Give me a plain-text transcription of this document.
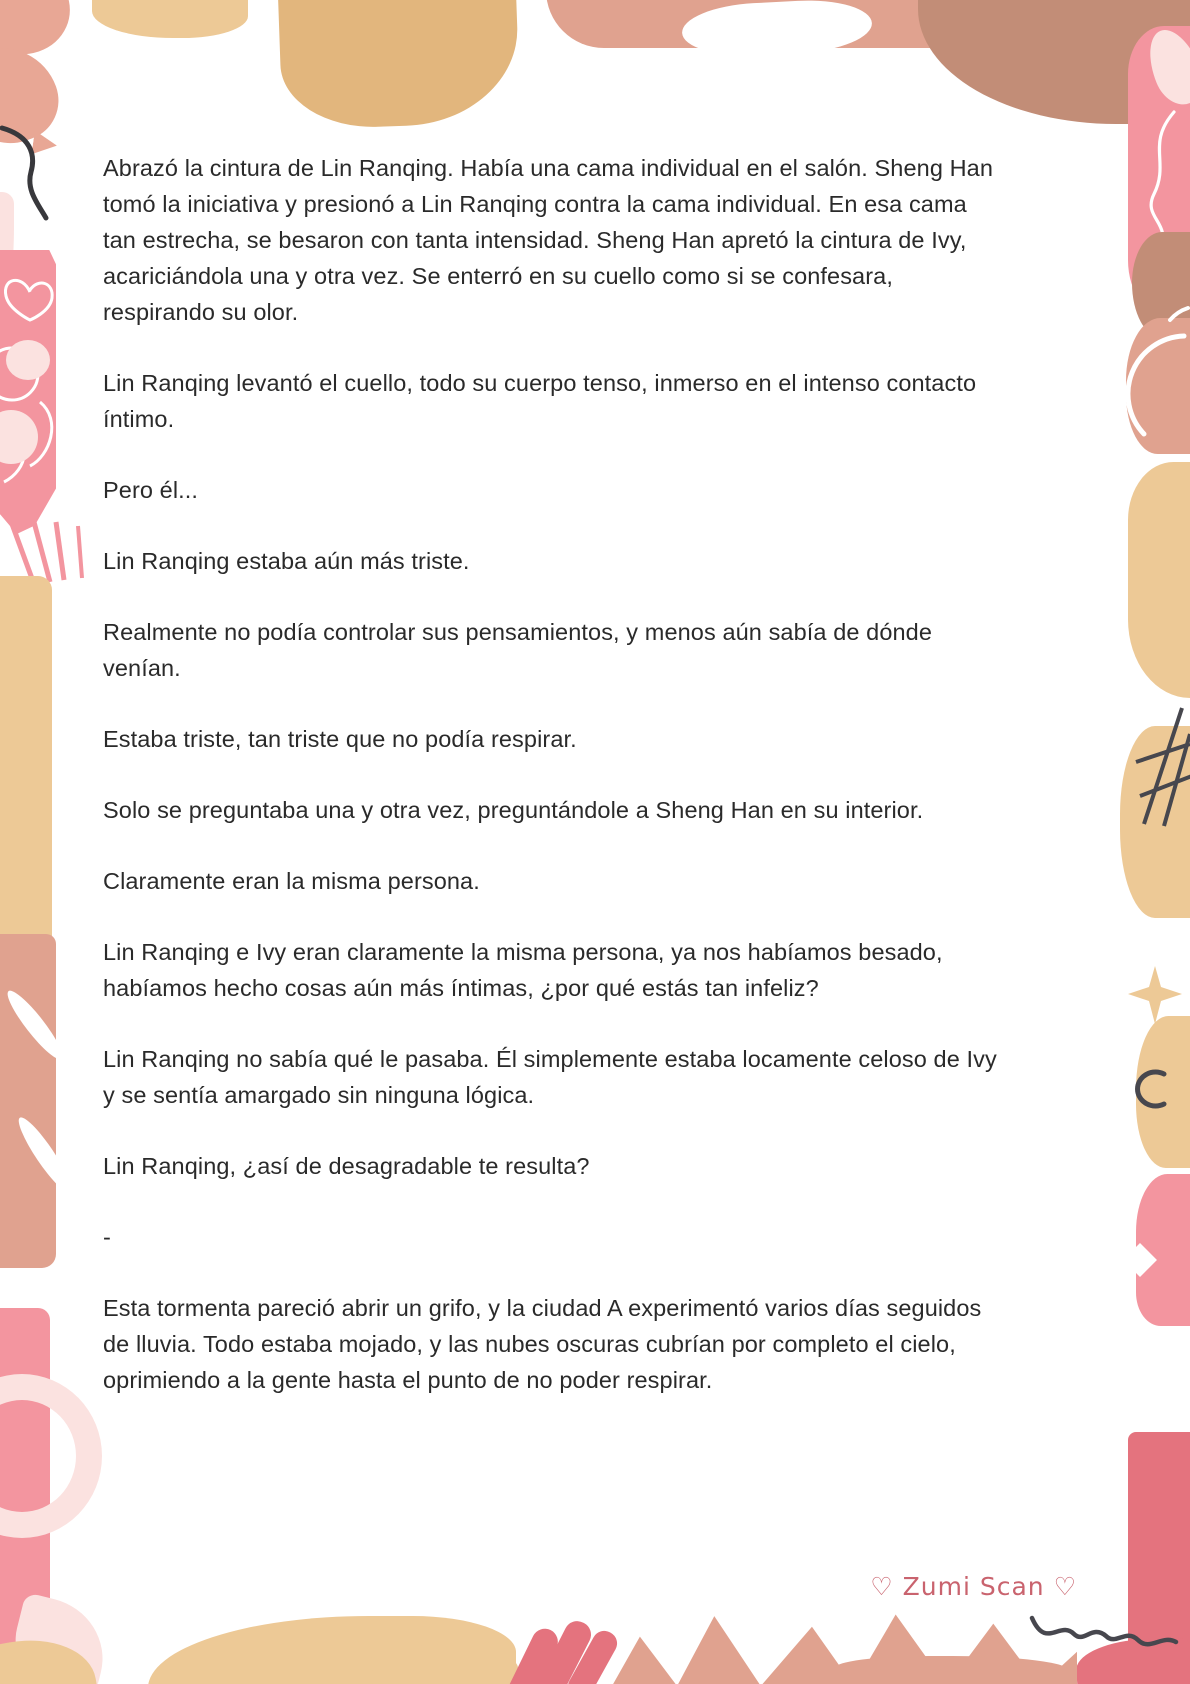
Abrazó la cintura de Lin Ranqing. Había una cama individual en el salón. Sheng Han tomó la iniciativa y presionó a Lin Ranqing contra la cama individual. En esa cama tan estrecha, se besaron con tanta intensidad. Sheng Han apretó la cintura de Ivy, acariciándola una y otra vez. Se enterró en su cuello como si se confesara, respirando su olor.

Lin Ranqing levantó el cuello, todo su cuerpo tenso, inmerso en el intenso contacto íntimo.

Pero él...

Lin Ranqing estaba aún más triste.

Realmente no podía controlar sus pensamientos, y menos aún sabía de dónde venían.

Estaba triste, tan triste que no podía respirar.

Solo se preguntaba una y otra vez, preguntándole a Sheng Han en su interior.

Claramente eran la misma persona.

Lin Ranqing e Ivy eran claramente la misma persona, ya nos habíamos besado, habíamos hecho cosas aún más íntimas, ¿por qué estás tan infeliz?

Lin Ranqing no sabía qué le pasaba. Él simplemente estaba locamente celoso de Ivy y se sentía amargado sin ninguna lógica.

Lin Ranqing, ¿así de desagradable te resulta?

-

Esta tormenta pareció abrir un grifo, y la ciudad A experimentó varios días seguidos de lluvia. Todo estaba mojado, y las nubes oscuras cubrían por completo el cielo, oprimiendo a la gente hasta el punto de no poder respirar.

♡ Zumi Scan ♡
